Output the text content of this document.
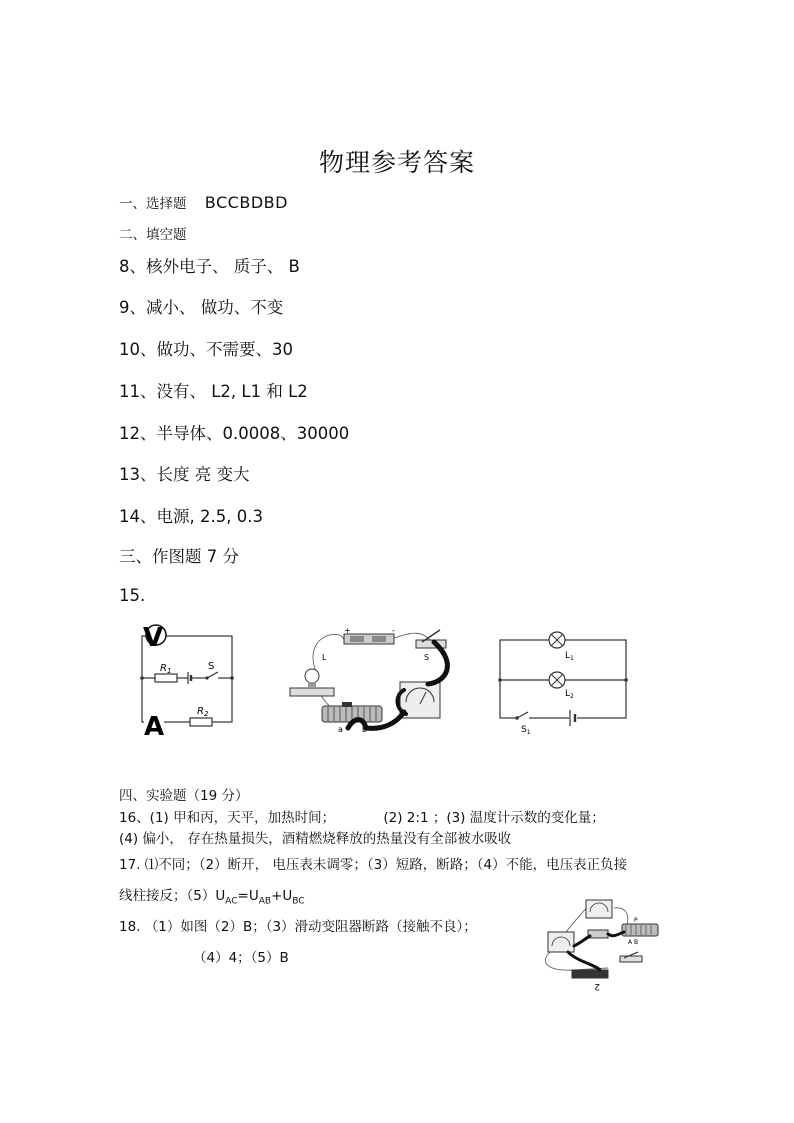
物理参考答案
一、选择题 BCCBDBD
二、填空题
8、核外电子、 质子、 B
9、减小、 做功、不变
10、做功、不需要、30
11、没有、 L2, L1 和 L2
12、半导体、0.0008、30000
13、长度 亮 变大
14、电源, 2.5, 0.3
三、作图题 7 分
15.
$R_1$	S
$R_2$
V
A
+	-
S
L
a b
$L_1$
$L_2$
$S_1$
四、实验题（19 分）
16、(1) 甲和丙，天平，加热时间；	(2) 2:1 ；(3) 温度计示数的变化量；
(4) 偏小， 存在热量损失，酒精燃烧释放的热量没有全部被水吸收
17. ⑴不同；（2）断开， 电压表未调零；（3）短路，断路；（4）不能，电压表正负接
线柱接反；$(5)U_{AC}=U_{AB}+U_{BC}$
18. （1）如图（2）B；（3）滑动变阻器断路（接触不良）；
（4）4；（5）B
P
A B
2
